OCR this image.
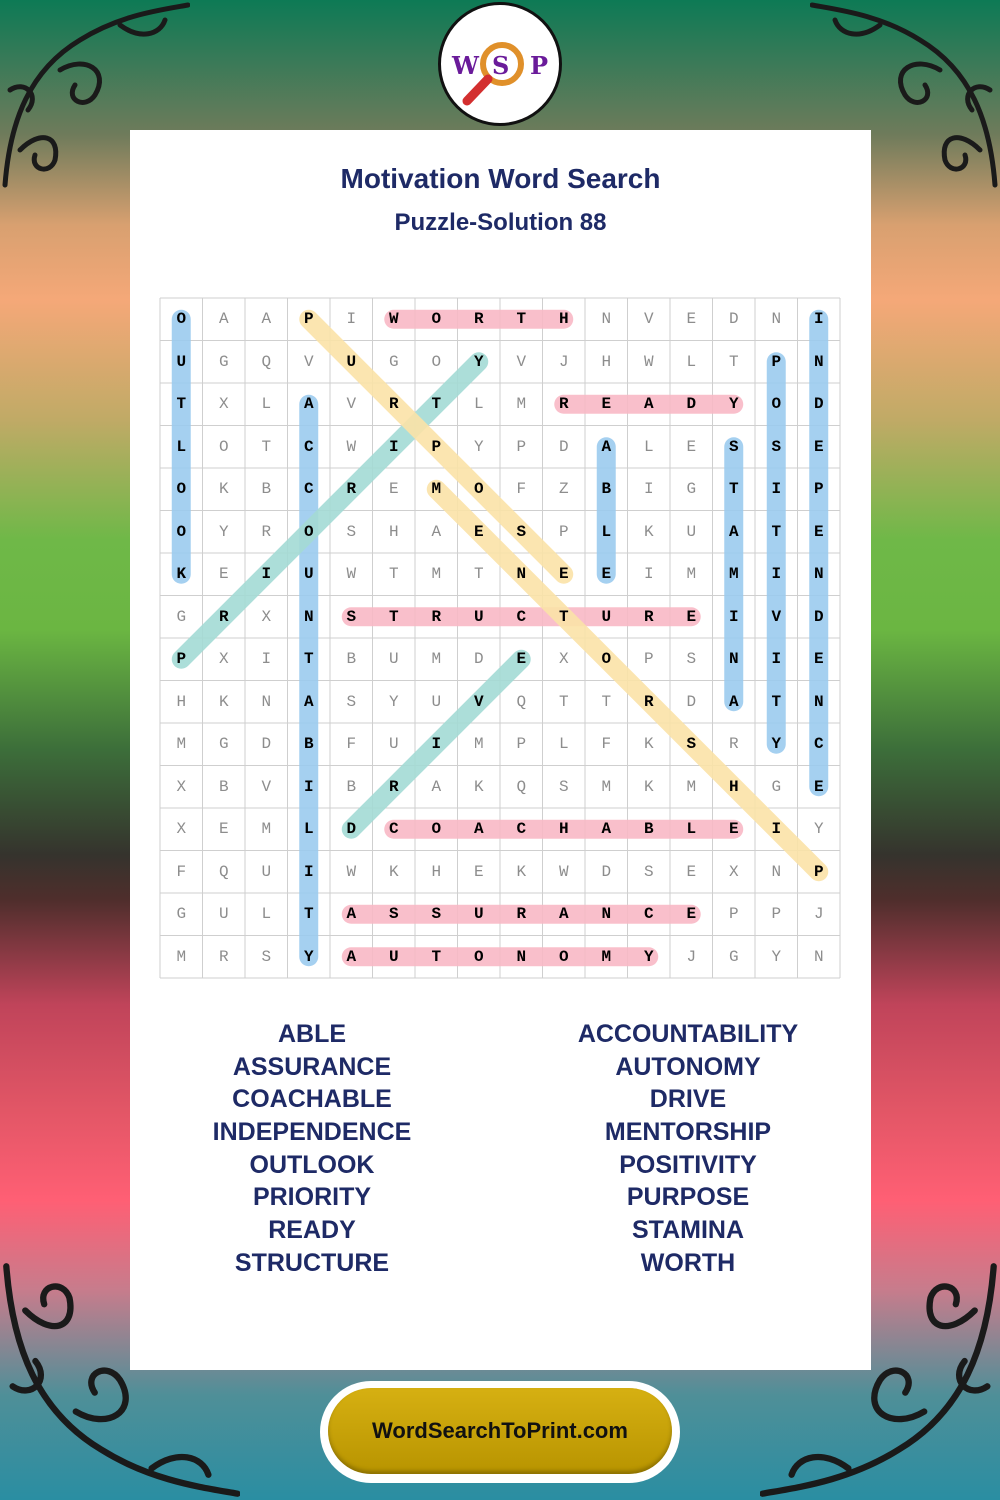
W S P
Motivation Word Search
Puzzle-Solution 88
O	A	A	P	I	W	O	R	T	H	N	V	E	D	N	I
U	G	Q	V	U	G	O	Y	V	J	H	W	L	T	P	N
T	X	L	A	V	R	T	L	M	R	E	A	D	Y	O	D
L	O	T	C	W	I	P	Y	P	D	A	L	E	S	S	E
O	K	B	C	R	E	M	O	F	Z	B	I	G	T	I	P
O	Y	R	O	S	H	A	E	S	P	L	K	U	A	T	E
K	E	I	U	W	T	M	T	N	E	E	I	M	M	I	N
G	R	X	N	S	T	R	U	C	T	U	R	E	I	V	D
P	X	I	T	B	U	M	D	E	X	O	P	S	N	I	E
H	K	N	A	S	Y	U	V	Q	T	T	R	D	A	T	N
M	G	D	B	F	U	I	M	P	L	F	K	S	R	Y	C
X	B	V	I	B	R	A	K	Q	S	M	K	M	H	G	E
X	E	M	L	D	C	O	A	C	H	A	B	L	E	I	Y
F	Q	U	I	W	K	H	E	K	W	D	S	E	X	N	P
G	U	L	T	A	S	S	U	R	A	N	C	E	P	P	J
M	R	S	Y	A	U	T	O	N	O	M	Y	J	G	Y	N
ABLE
ASSURANCE
COACHABLE
INDEPENDENCE
OUTLOOK
PRIORITY
READY
STRUCTURE
ACCOUNTABILITY
AUTONOMY
DRIVE
MENTORSHIP
POSITIVITY
PURPOSE
STAMINA
WORTH
WordSearchToPrint.com
